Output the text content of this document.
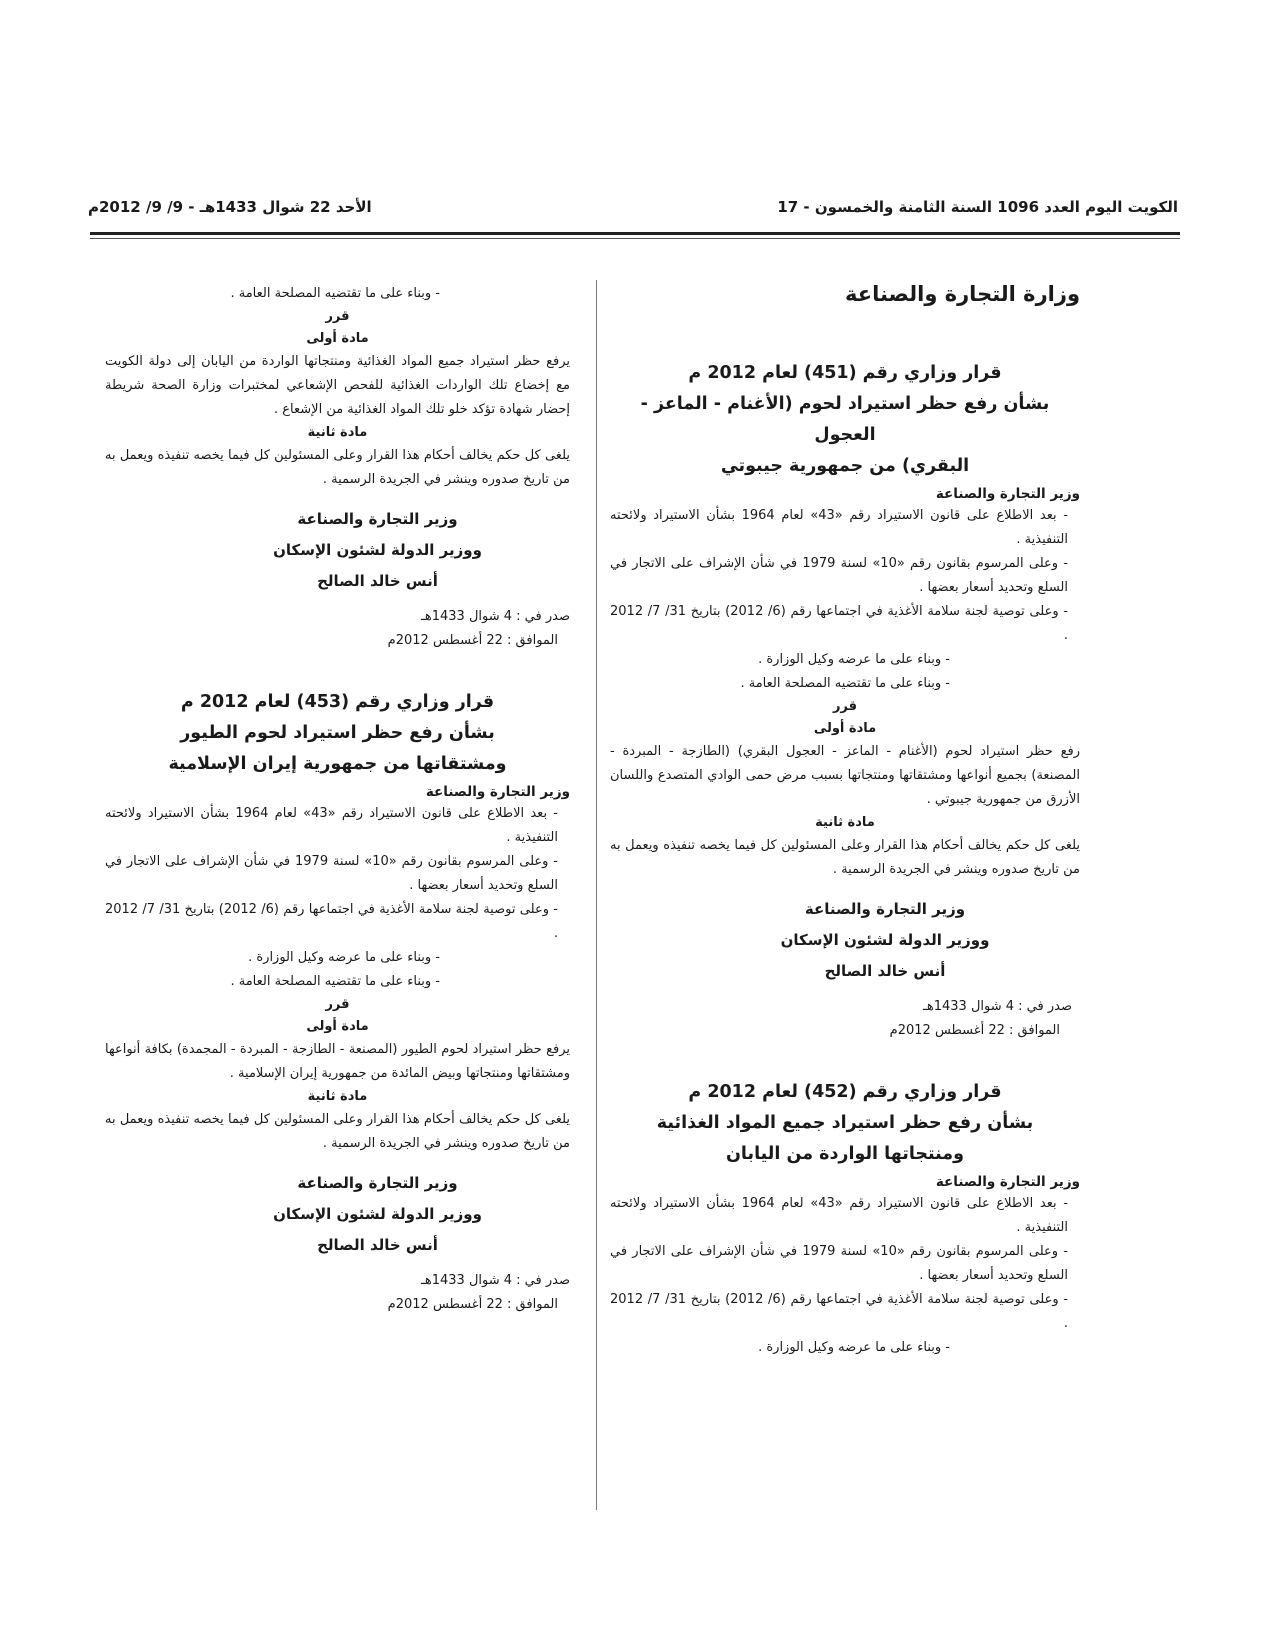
الكويت اليوم العدد 1096 السنة الثامنة والخمسون - 17
الأحد 22 شوال 1433هـ - 9/ 9/ 2012م
وزارة التجارة والصناعة

قرار وزاري رقم (451) لعام 2012 م

بشأن رفع حظر استيراد لحوم (الأغنام - الماعز - العجول

البقري) من جمهورية جيبوتي

وزير التجارة والصناعة

- بعد الاطلاع على قانون الاستيراد رقم «43» لعام 1964 بشأن الاستيراد ولائحته التنفيذية .

- وعلى المرسوم بقانون رقم «10» لسنة 1979 في شأن الإشراف على الاتجار في السلع وتحديد أسعار بعضها .

- وعلى توصية لجنة سلامة الأغذية في اجتماعها رقم (6/ 2012) بتاريخ 31/ 7/ 2012 .

- وبناء على ما عرضه وكيل الوزارة .

- وبناء على ما تقتضيه المصلحة العامة .

قرر

مادة أولى

رفع حظر استيراد لحوم (الأغنام - الماعز - العجول البقري) (الطازجة - المبردة - المصنعة) بجميع أنواعها ومشتقاتها ومنتجاتها بسبب مرض حمى الوادي المتصدع واللسان الأزرق من جمهورية جيبوتي .

مادة ثانية

يلغى كل حكم يخالف أحكام هذا القرار وعلى المسئولين كل فيما يخصه تنفيذه ويعمل به من تاريخ صدوره وينشر في الجريدة الرسمية .

وزير التجارة والصناعة

ووزير الدولة لشئون الإسكان

أنس خالد الصالح

صدر في : 4 شوال 1433هـ

الموافق : 22 أغسطس 2012م

قرار وزاري رقم (452) لعام 2012 م

بشأن رفع حظر استيراد جميع المواد الغذائية

ومنتجاتها الواردة من اليابان

وزير التجارة والصناعة

- بعد الاطلاع على قانون الاستيراد رقم «43» لعام 1964 بشأن الاستيراد ولائحته التنفيذية .

- وعلى المرسوم بقانون رقم «10» لسنة 1979 في شأن الإشراف على الاتجار في السلع وتحديد أسعار بعضها .

- وعلى توصية لجنة سلامة الأغذية في اجتماعها رقم (6/ 2012) بتاريخ 31/ 7/ 2012 .

- وبناء على ما عرضه وكيل الوزارة .

- وبناء على ما تقتضيه المصلحة العامة .

قرر

مادة أولى

يرفع حظر استيراد جميع المواد الغذائية ومنتجاتها الواردة من اليابان إلى دولة الكويت مع إخضاع تلك الواردات الغذائية للفحص الإشعاعي لمختبرات وزارة الصحة شريطة إحضار شهادة تؤكد خلو تلك المواد الغذائية من الإشعاع .

مادة ثانية

يلغى كل حكم يخالف أحكام هذا القرار وعلى المسئولين كل فيما يخصه تنفيذه ويعمل به من تاريخ صدوره وينشر في الجريدة الرسمية .

وزير التجارة والصناعة

ووزير الدولة لشئون الإسكان

أنس خالد الصالح

صدر في : 4 شوال 1433هـ

الموافق : 22 أغسطس 2012م

قرار وزاري رقم (453) لعام 2012 م

بشأن رفع حظر استيراد لحوم الطيور

ومشتقاتها من جمهورية إيران الإسلامية

وزير التجارة والصناعة

- بعد الاطلاع على قانون الاستيراد رقم «43» لعام 1964 بشأن الاستيراد ولائحته التنفيذية .

- وعلى المرسوم بقانون رقم «10» لسنة 1979 في شأن الإشراف على الاتجار في السلع وتحديد أسعار بعضها .

- وعلى توصية لجنة سلامة الأغذية في اجتماعها رقم (6/ 2012) بتاريخ 31/ 7/ 2012 .

- وبناء على ما عرضه وكيل الوزارة .

- وبناء على ما تقتضيه المصلحة العامة .

قرر

مادة أولى

يرفع حظر استيراد لحوم الطيور (المصنعة - الطازجة - المبردة - المجمدة) بكافة أنواعها ومشتقاتها ومنتجاتها وبيض المائدة من جمهورية إيران الإسلامية .

مادة ثانية

يلغى كل حكم يخالف أحكام هذا القرار وعلى المسئولين كل فيما يخصه تنفيذه ويعمل به من تاريخ صدوره وينشر في الجريدة الرسمية .

وزير التجارة والصناعة

ووزير الدولة لشئون الإسكان

أنس خالد الصالح

صدر في : 4 شوال 1433هـ

الموافق : 22 أغسطس 2012م
